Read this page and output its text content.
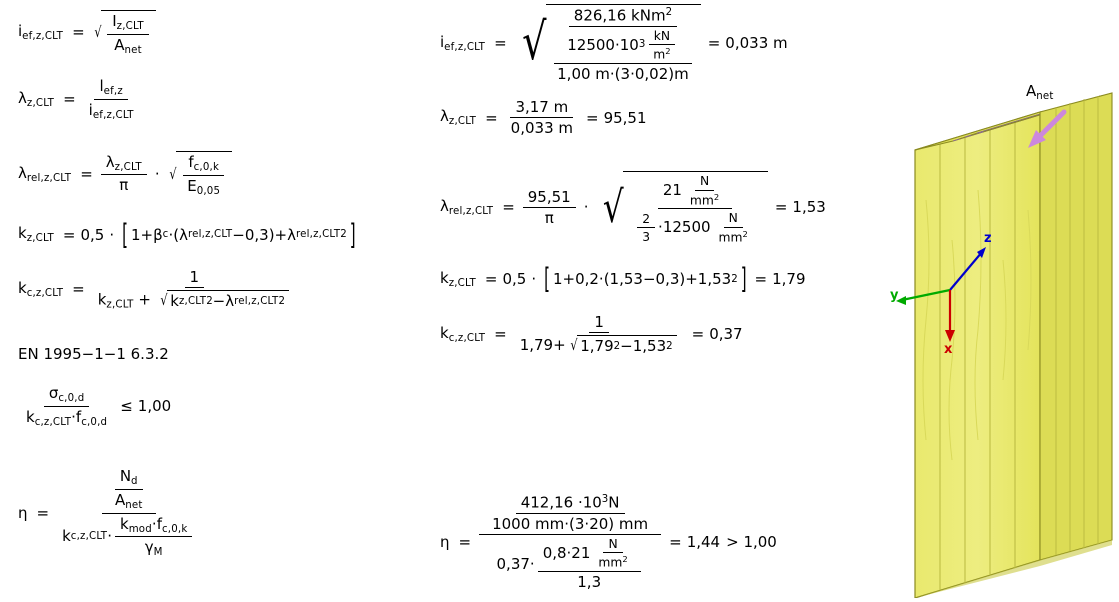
$i_{ef,z,CLT}$ = √ $\frac{I_{z,CLT}}{A_{net}}$
$\lambda_{z,CLT} = \frac{l_{ef,z}}{i_{ef,z,CLT}}$
$\lambda_{rel,z,CLT} = \frac{\lambda_{z,CLT}}{\pi}$ · √ $\frac{f_{c,0,k}}{E_{0,05}}$
$k_{z,CLT} = 0,5$ · [ 1+β c ·(λ rel,z,CLT −0,3)+λ rel,z,CLT 2 ]
$k_{c,z,CLT}$ =
1
$k_{z,CLT}$ + √ k z,CLT 2 − λ rel,z,CLT 2
EN 1995−1−1 6.3.2
$\frac{\sigma_{c,0,d}}{k_{c,z,CLT}\cdot f_{c,0,d}} \le 1,00$
$\eta = \frac{\frac{N_d}{A_{net}}}{k c,z,CLT \cdot \frac{k_{mod}\cdot f_{c,0,k}}{\gamma_M}}$
$i_{ef,z,CLT}$ = √	826,16 kNm$^2$
12500·10 $3 \frac{kN}{m^2}$
1,00 m·(3·0,02)m
= 0,033 m
$\lambda_{z,CLT} = \frac{3,17 m}{0,033 m} = 95,51$
$\lambda_{rel,z,CLT} = \frac{95,51}{\pi}$ · √	$21 \frac{N}{mm^2}$
$\frac{2}{3} \cdot 12500 \frac{N}{mm^2}$
= 1,53
$k_{z,CLT} = 0,5$ · [ 1+0,2·(1,53−0,3)+1,53 2 ] = 1,79
$k_{c,z,CLT}$ =
1
1,79 + √ 1,79 2 − 1,53 2
= 0,37
η =
$\frac{412,16 \cdot 10^3N}{1000 mm\cdot(3\cdot 20) mm}$
$0,37\cdot \frac{0,8\cdot 21 \frac{N}{mm^2}}{1,3} = 1,44 > 1,00$
$A_{net}$
z
y
x
